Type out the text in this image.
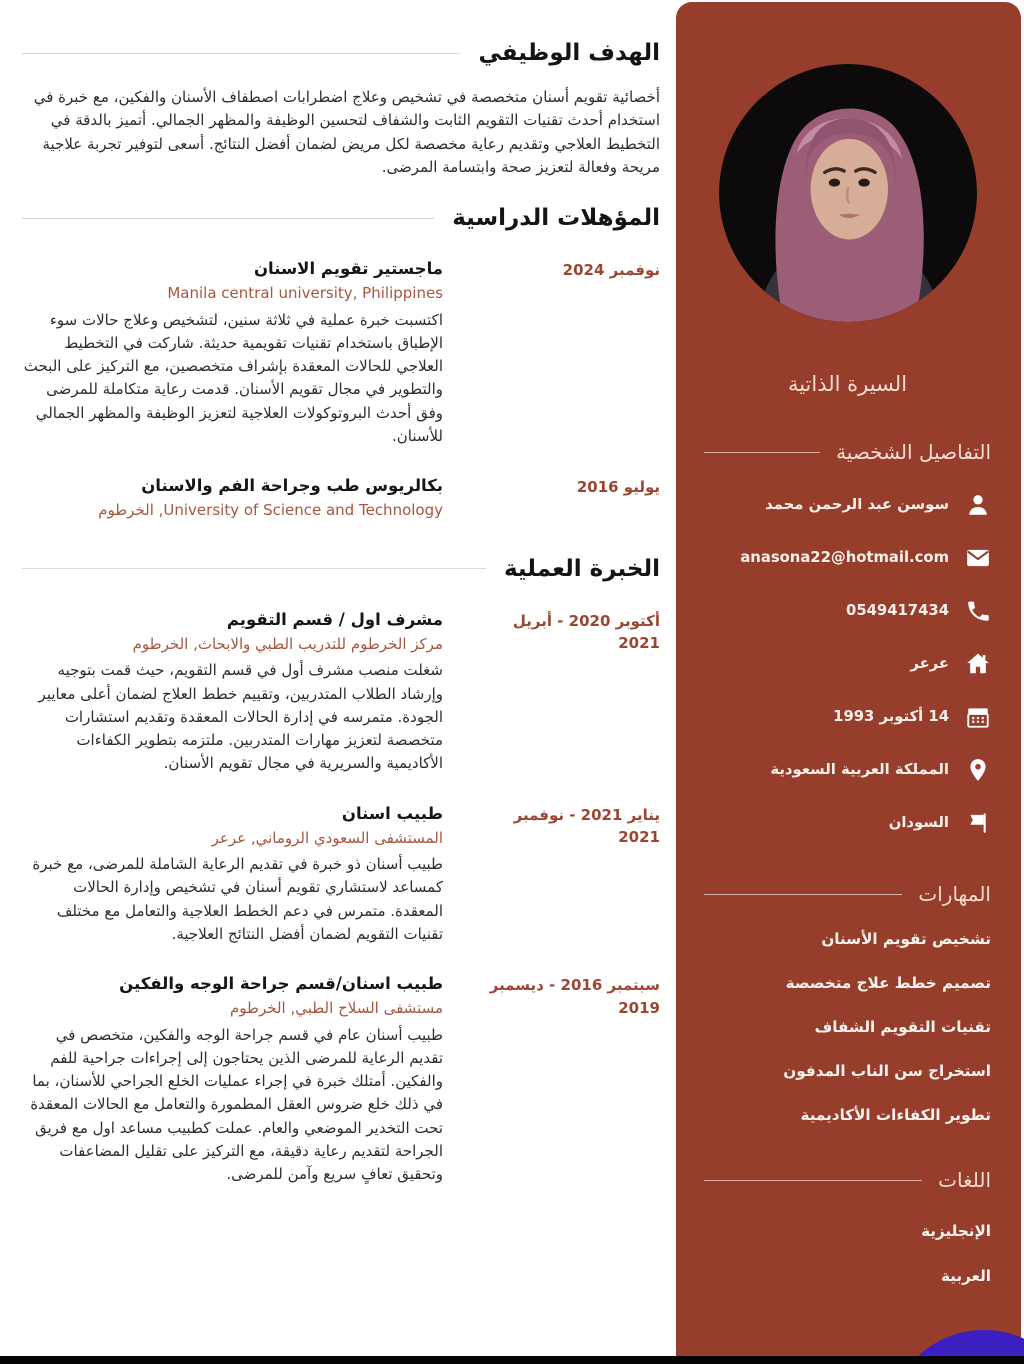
الهدف الوظيفي

أخصائية تقويم أسنان متخصصة في تشخيص وعلاج اضطرابات اصطفاف الأسنان والفكين، مع خبرة في استخدام أحدث تقنيات التقويم الثابت والشفاف لتحسين الوظيفة والمظهر الجمالي. أتميز بالدقة في التخطيط العلاجي وتقديم رعاية مخصصة لكل مريض لضمان أفضل النتائج. أسعى لتوفير تجربة علاجية مريحة وفعالة لتعزيز صحة وابتسامة المرضى.

المؤهلات الدراسية
نوفمبر 2024
ماجستير تقويم الاسنان
Manila central university, Philippines

اكتسبت خبرة عملية في ثلاثة سنين، لتشخيص وعلاج حالات سوء الإطباق باستخدام تقنيات تقويمية حديثة. شاركت في التخطيط العلاجي للحالات المعقدة بإشراف متخصصين، مع التركيز على البحث والتطوير في مجال تقويم الأسنان. قدمت رعاية متكاملة للمرضى وفق أحدث البروتوكولات العلاجية لتعزيز الوظيفة والمظهر الجمالي للأسنان.

يوليو 2016
بكالريوس طب وجراحة الفم والاسنان
University of Science and Technology, الخرطوم
الخبرة العملية
أكتوبر 2020 - أبريل 2021
مشرف اول / قسم التقويم
مركز الخرطوم للتدريب الطبي والابحاث, الخرطوم

شغلت منصب مشرف أول في قسم التقويم، حيث قمت بتوجيه وإرشاد الطلاب المتدربين، وتقييم خطط العلاج لضمان أعلى معايير الجودة. متمرسه في إدارة الحالات المعقدة وتقديم استشارات متخصصة لتعزيز مهارات المتدربين. ملتزمه بتطوير الكفاءات الأكاديمية والسريرية في مجال تقويم الأسنان.

يناير 2021 - نوفمبر 2021
طبيب اسنان
المستشفى السعودي الروماني, عرعر

طبيب أسنان ذو خبرة في تقديم الرعاية الشاملة للمرضى، مع خبرة كمساعد لاستشاري تقويم أسنان في تشخيص وإدارة الحالات المعقدة. متمرس في دعم الخطط العلاجية والتعامل مع مختلف تقنيات التقويم لضمان أفضل النتائج العلاجية.

سبتمبر 2016 - ديسمبر 2019
طبيب اسنان/قسم جراحة الوجه والفكين
مستشفى السلاح الطبي, الخرطوم

طبيب أسنان عام في قسم جراحة الوجه والفكين، متخصص في تقديم الرعاية للمرضى الذين يحتاجون إلى إجراءات جراحية للفم والفكين. أمتلك خبرة في إجراء عمليات الخلع الجراحي للأسنان، بما في ذلك خلع ضروس العقل المطمورة والتعامل مع الحالات المعقدة تحت التخدير الموضعي والعام. عملت كطبيب مساعد اول مع فريق الجراحة لتقديم رعاية دقيقة، مع التركيز على تقليل المضاعفات وتحقيق تعافٍ سريع وآمن للمرضى.

السيرة الذاتية
التفاصيل الشخصية
سوسن عبد الرحمن محمد
anasona22@hotmail.com
0549417434
عرعر
14 أكتوبر 1993
المملكة العربية السعودية
السودان
المهارات
تشخيص تقويم الأسنان
تصميم خطط علاج متخصصة
تقنيات التقويم الشفاف
استخراج سن الناب المدفون
تطوير الكفاءات الأكاديمية
اللغات
الإنجليزية
العربية
